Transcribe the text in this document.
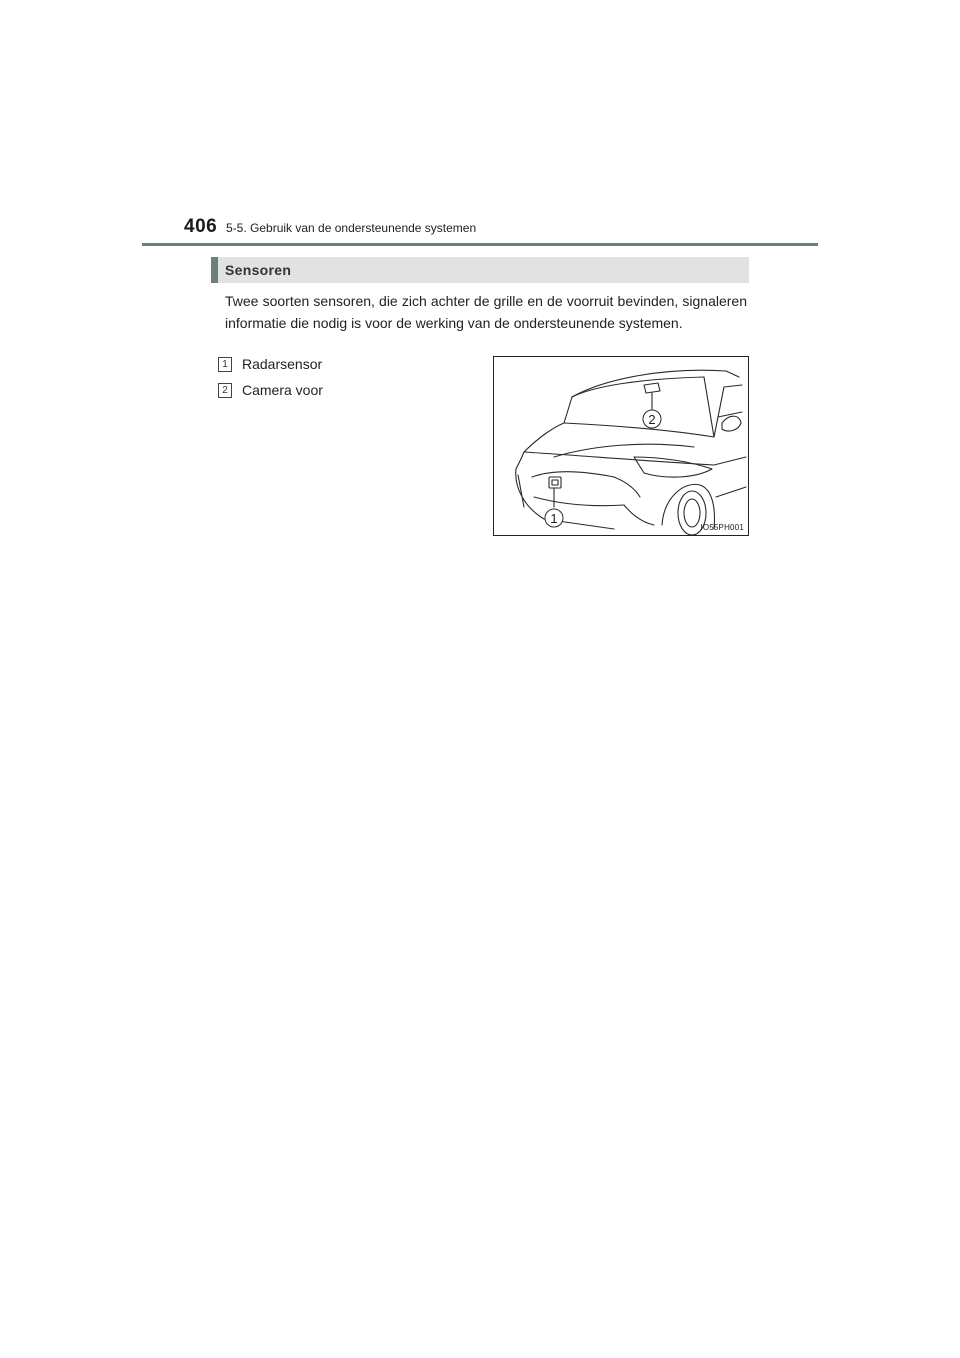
406 5-5. Gebruik van de ondersteunende systemen
Sensoren
Twee soorten sensoren, die zich achter de grille en de voorruit bevinden, signaleren informatie die nodig is voor de werking van de ondersteunende systemen.
1	Radarsensor
2	Camera voor
2
1
IO55PH001
